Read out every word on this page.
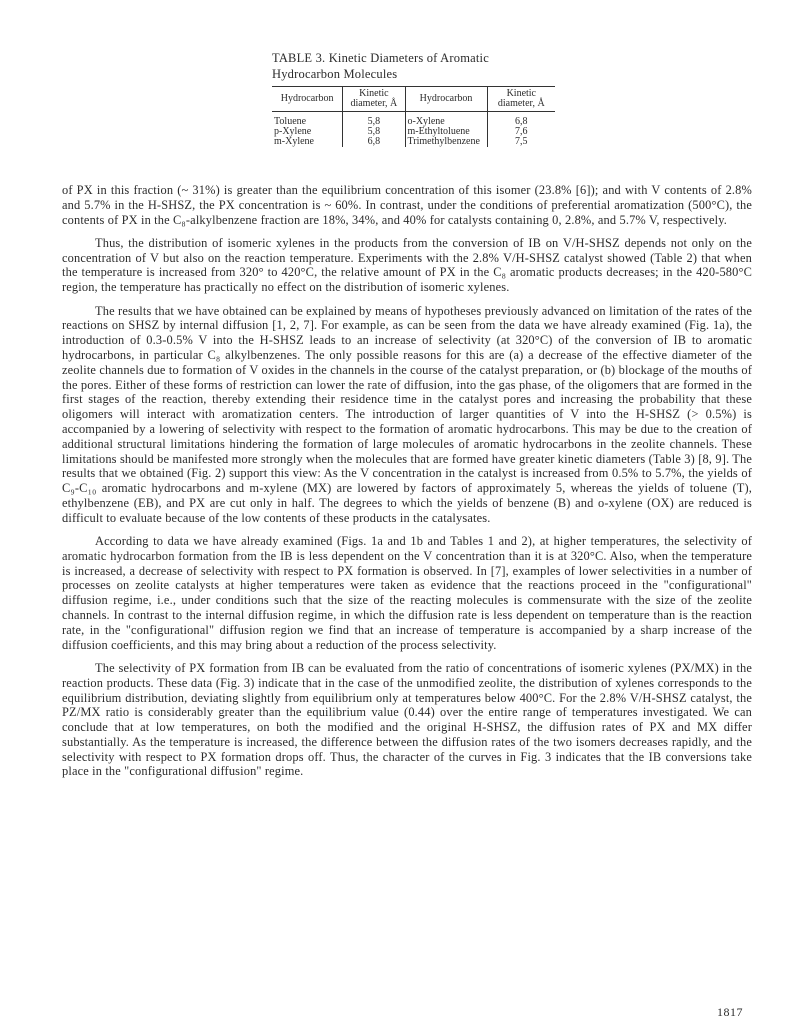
TABLE 3. Kinetic Diameters of Aromatic
Hydrocarbon Molecules
Hydrocarbon	Kinetic diameter, Å	Hydrocarbon	Kinetic diameter, Å
Toluene	5,8	o-Xylene	6,8
p-Xylene	5,8	m-Ethyltoluene	7,6
m-Xylene	6,8	Trimethylbenzene	7,5

of PX in this fraction (~ 31%) is greater than the equilibrium concentration of this isomer (23.8% [6]); and with V contents of 2.8% and 5.7% in the H-SHSZ, the PX concentration is ~ 60%. In contrast, under the conditions of preferential aromatization (500°C), the contents of PX in the C₈-alkylbenzene fraction are 18%, 34%, and 40% for catalysts containing 0, 2.8%, and 5.7% V, respectively.

Thus, the distribution of isomeric xylenes in the products from the conversion of IB on V/H-SHSZ depends not only on the concentration of V but also on the reaction temperature. Experiments with the 2.8% V/H-SHSZ catalyst showed (Table 2) that when the temperature is increased from 320° to 420°C, the relative amount of PX in the C₈ aromatic products decreases; in the 420-580°C region, the temperature has practically no effect on the distribution of isomeric xylenes.

The results that we have obtained can be explained by means of hypotheses previously advanced on limitation of the rates of the reactions on SHSZ by internal diffusion [1, 2, 7]. For example, as can be seen from the data we have already examined (Fig. 1a), the introduction of 0.3-0.5% V into the H-SHSZ leads to an increase of selectivity (at 320°C) of the conversion of IB to aromatic hydrocarbons, in particular C₈ alkylbenzenes. The only possible reasons for this are (a) a decrease of the effective diameter of the zeolite channels due to formation of V oxides in the channels in the course of the catalyst preparation, or (b) blockage of the mouths of the pores. Either of these forms of restriction can lower the rate of diffusion, into the gas phase, of the oligomers that are formed in the first stages of the reaction, thereby extending their residence time in the catalyst pores and increasing the probability that these oligomers will interact with aromatization centers. The introduction of larger quantities of V into the H-SHSZ (> 0.5%) is accompanied by a lowering of selectivity with respect to the formation of aromatic hydrocarbons. This may be due to the creation of additional structural limitations hindering the formation of large molecules of aromatic hydrocarbons in the zeolite channels. These limitations should be manifested more strongly when the molecules that are formed have greater kinetic diameters (Table 3) [8, 9]. The results that we obtained (Fig. 2) support this view: As the V concentration in the catalyst is increased from 0.5% to 5.7%, the yields of C₉-C₁₀ aromatic hydrocarbons and m-xylene (MX) are lowered by factors of approximately 5, whereas the yields of toluene (T), ethylbenzene (EB), and PX are cut only in half. The degrees to which the yields of benzene (B) and o-xylene (OX) are reduced is difficult to evaluate because of the low contents of these products in the catalysates.

According to data we have already examined (Figs. 1a and 1b and Tables 1 and 2), at higher temperatures, the selectivity of aromatic hydrocarbon formation from the IB is less dependent on the V concentration than it is at 320°C. Also, when the temperature is increased, a decrease of selectivity with respect to PX formation is observed. In [7], examples of lower selectivities in a number of processes on zeolite catalysts at higher temperatures were taken as evidence that the reactions proceed in the "configurational" diffusion regime, i.e., under conditions such that the size of the reacting molecules is commensurate with the size of the zeolite channels. In contrast to the internal diffusion regime, in which the diffusion rate is less dependent on temperature than is the reaction rate, in the "configurational" diffusion region we find that an increase of temperature is accompanied by a sharp increase of the diffusion coefficients, and this may bring about a reduction of the process selectivity.

The selectivity of PX formation from IB can be evaluated from the ratio of concentrations of isomeric xylenes (PX/MX) in the reaction products. These data (Fig. 3) indicate that in the case of the unmodified zeolite, the distribution of xylenes corresponds to the equilibrium distribution, deviating slightly from equilibrium only at temperatures below 400°C. For the 2.8% V/H-SHSZ catalyst, the PZ/MX ratio is considerably greater than the equilibrium value (0.44) over the entire range of temperatures investigated. We can conclude that at low temperatures, on both the modified and the original H-SHSZ, the diffusion rates of PX and MX differ substantially. As the temperature is increased, the difference between the diffusion rates of the two isomers decreases rapidly, and the selectivity with respect to PX formation drops off. Thus, the character of the curves in Fig. 3 indicates that the IB conversions take place in the "configurational diffusion" regime.

1817
